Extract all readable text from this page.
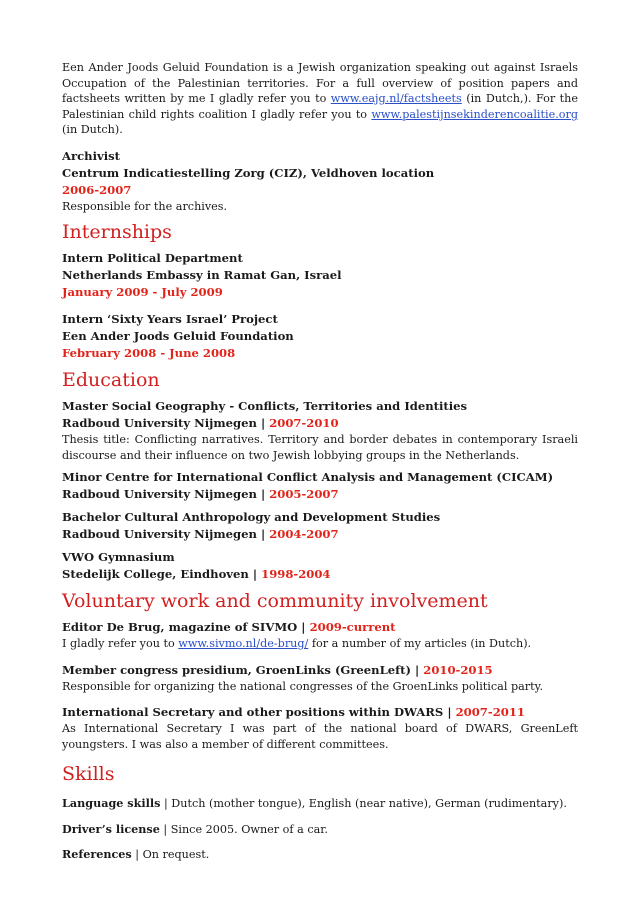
Een Ander Joods Geluid Foundation is a Jewish organization speaking out against Israels Occupation of the Palestinian territories. For a full overview of position papers and factsheets written by me I gladly refer you to www.eajg.nl/factsheets (in Dutch,). For the Palestinian child rights coalition I gladly refer you to www.palestijnsekinderencoalitie.org (in Dutch).

Archivist

Centrum Indicatiestelling Zorg (CIZ), Veldhoven location

2006-2007

Responsible for the archives.

Internships

Intern Political Department

Netherlands Embassy in Ramat Gan, Israel

January 2009 - July 2009

Intern ‘Sixty Years Israel’ Project

Een Ander Joods Geluid Foundation

February 2008 - June 2008

Education

Master Social Geography - Conflicts, Territories and Identities

Radboud University Nijmegen | 2007-2010

Thesis title: Conflicting narratives. Territory and border debates in contemporary Israeli discourse and their influence on two Jewish lobbying groups in the Netherlands.

Minor Centre for International Conflict Analysis and Management (CICAM)

Radboud University Nijmegen | 2005-2007

Bachelor Cultural Anthropology and Development Studies

Radboud University Nijmegen | 2004-2007

VWO Gymnasium

Stedelijk College, Eindhoven | 1998-2004

Voluntary work and community involvement

Editor De Brug, magazine of SIVMO | 2009-current

I gladly refer you to www.sivmo.nl/de-brug/ for a number of my articles (in Dutch).

Member congress presidium, GroenLinks (GreenLeft) | 2010-2015

Responsible for organizing the national congresses of the GroenLinks political party.

International Secretary and other positions within DWARS | 2007-2011

As International Secretary I was part of the national board of DWARS, GreenLeft youngsters. I was also a member of different committees.

Skills

Language skills | Dutch (mother tongue), English (near native), German (rudimentary).

Driver’s license | Since 2005. Owner of a car.

References | On request.
